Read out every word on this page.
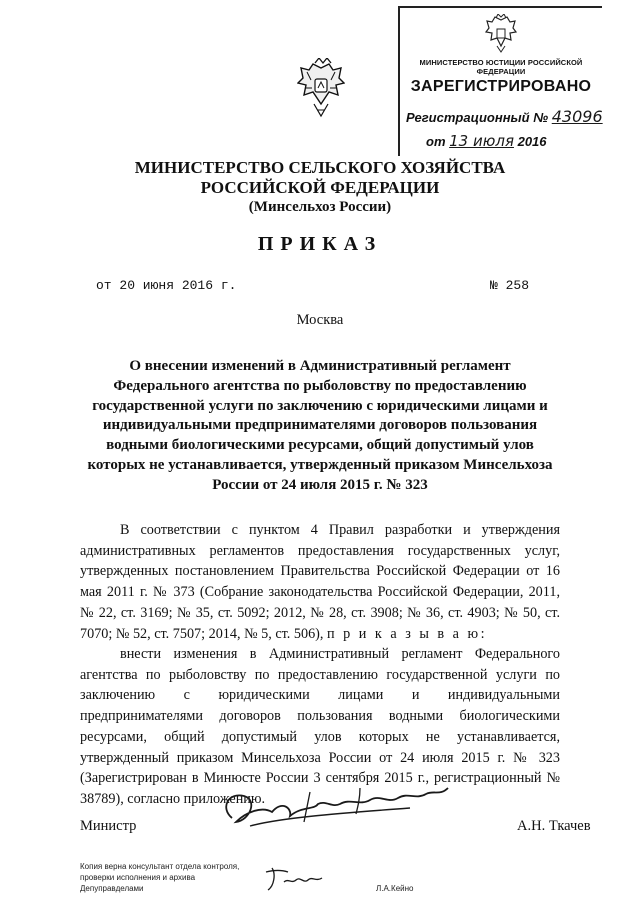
МИНИСТЕРСТВО ЮСТИЦИИ РОССИЙСКОЙ ФЕДЕРАЦИИ
ЗАРЕГИСТРИРОВАНО
Регистрационный № 43096
от 13 июля 2016
МИНИСТЕРСТВО СЕЛЬСКОГО ХОЗЯЙСТВА
РОССИЙСКОЙ ФЕДЕРАЦИИ
(Минсельхоз России)
ПРИКАЗ
от 20 июня 2016 г.	№ 258
Москва
О внесении изменений в Административный регламент Федерального агентства по рыболовству по предоставлению государственной услуги по заключению с юридическими лицами и индивидуальными предпринимателями договоров пользования водными биологическими ресурсами, общий допустимый улов которых не устанавливается, утвержденный приказом Минсельхоза России от 24 июля 2015 г. № 323
В соответствии с пунктом 4 Правил разработки и утверждения административных регламентов предоставления государственных услуг, утвержденных постановлением Правительства Российской Федерации от 16 мая 2011 г. № 373 (Собрание законодательства Российской Федерации, 2011, № 22, ст. 3169; № 35, ст. 5092; 2012, № 28, ст. 3908; № 36, ст. 4903; № 50, ст. 7070; № 52, ст. 7507; 2014, № 5, ст. 506), п р и к а з ы в а ю:
внести изменения в Административный регламент Федерального агентства по рыболовству по предоставлению государственной услуги по заключению с юридическими лицами и индивидуальными предпринимателями договоров пользования водными биологическими ресурсами, общий допустимый улов которых не устанавливается, утвержденный приказом Минсельхоза России от 24 июля 2015 г. № 323 (Зарегистрирован в Минюсте России 3 сентября 2015 г., регистрационный № 38789), согласно приложению.
Министр	А.Н. Ткачев
Копия верна консультант отдела контроля,
проверки исполнения и архива
Депуправделами	Л.А.Кейно
